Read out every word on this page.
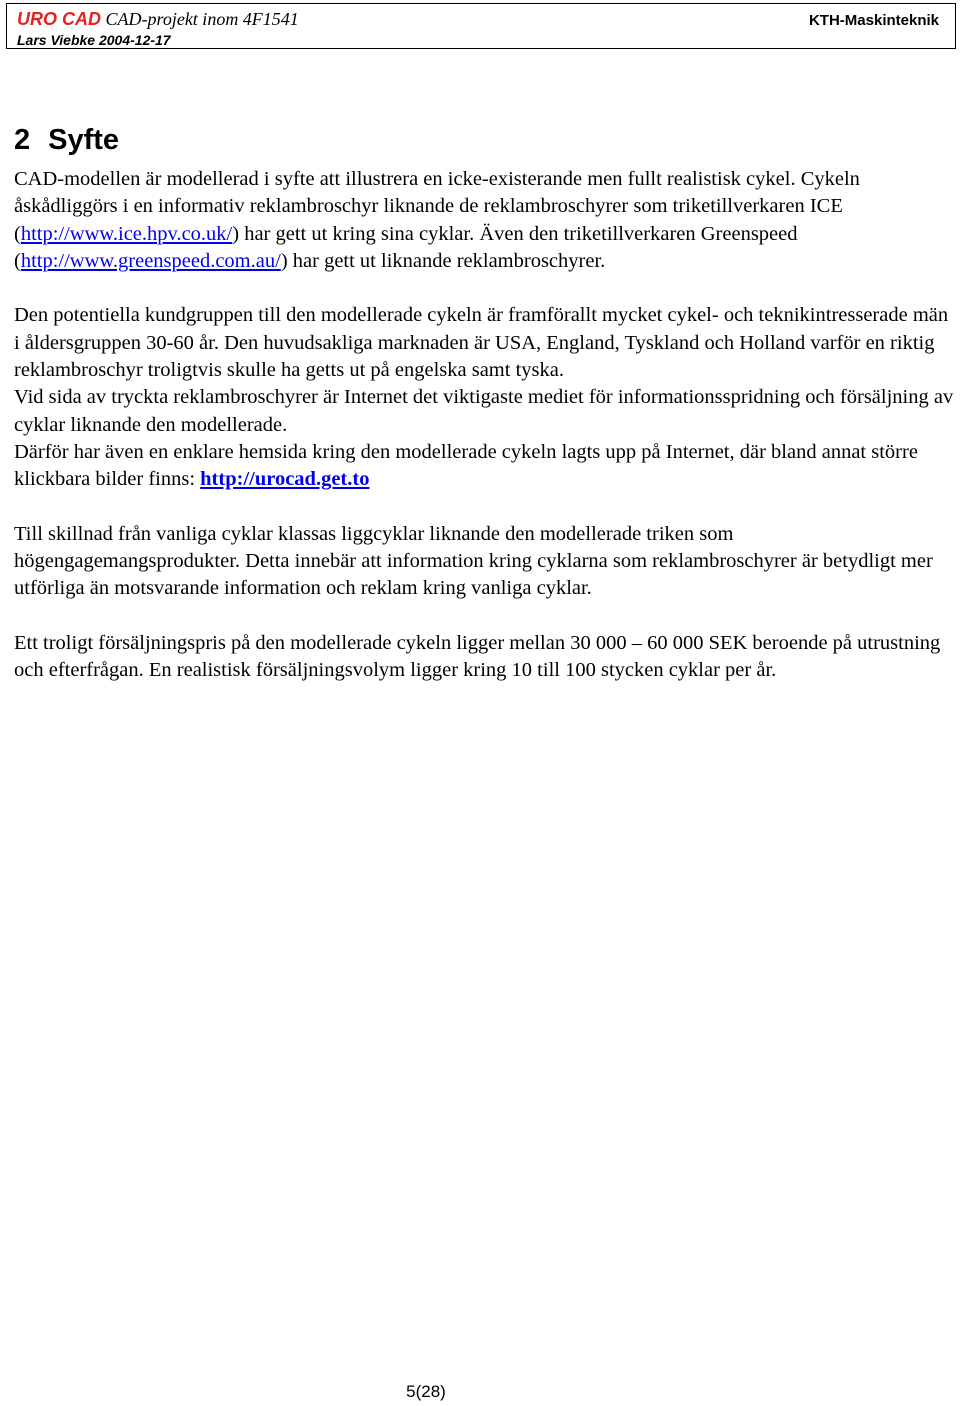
URO CAD CAD-projekt inom 4F1541	KTH-Maskinteknik
Lars Viebke 2004-12-17
2 Syfte

CAD-modellen är modellerad i syfte att illustrera en icke-existerande men fullt realistisk cykel. Cykeln åskådliggörs i en informativ reklambroschyr liknande de reklambroschyrer som triketillverkaren ICE (http://www.ice.hpv.co.uk/) har gett ut kring sina cyklar. Även den triketillverkaren Greenspeed (http://www.greenspeed.com.au/) har gett ut liknande reklambroschyrer.

Den potentiella kundgruppen till den modellerade cykeln är framförallt mycket cykel- och teknikintresserade män i åldersgruppen 30-60 år. Den huvudsakliga marknaden är USA, England, Tyskland och Holland varför en riktig reklambroschyr troligtvis skulle ha getts ut på engelska samt tyska.

Vid sida av tryckta reklambroschyrer är Internet det viktigaste mediet för informationsspridning och försäljning av cyklar liknande den modellerade.

Därför har även en enklare hemsida kring den modellerade cykeln lagts upp på Internet, där bland annat större klickbara bilder finns: http://urocad.get.to

Till skillnad från vanliga cyklar klassas liggcyklar liknande den modellerade triken som högengagemangsprodukter. Detta innebär att information kring cyklarna som reklambroschyrer är betydligt mer utförliga än motsvarande information och reklam kring vanliga cyklar.

Ett troligt försäljningspris på den modellerade cykeln ligger mellan 30 000 – 60 000 SEK beroende på utrustning och efterfrågan. En realistisk försäljningsvolym ligger kring 10 till 100 stycken cyklar per år.

5(28)
